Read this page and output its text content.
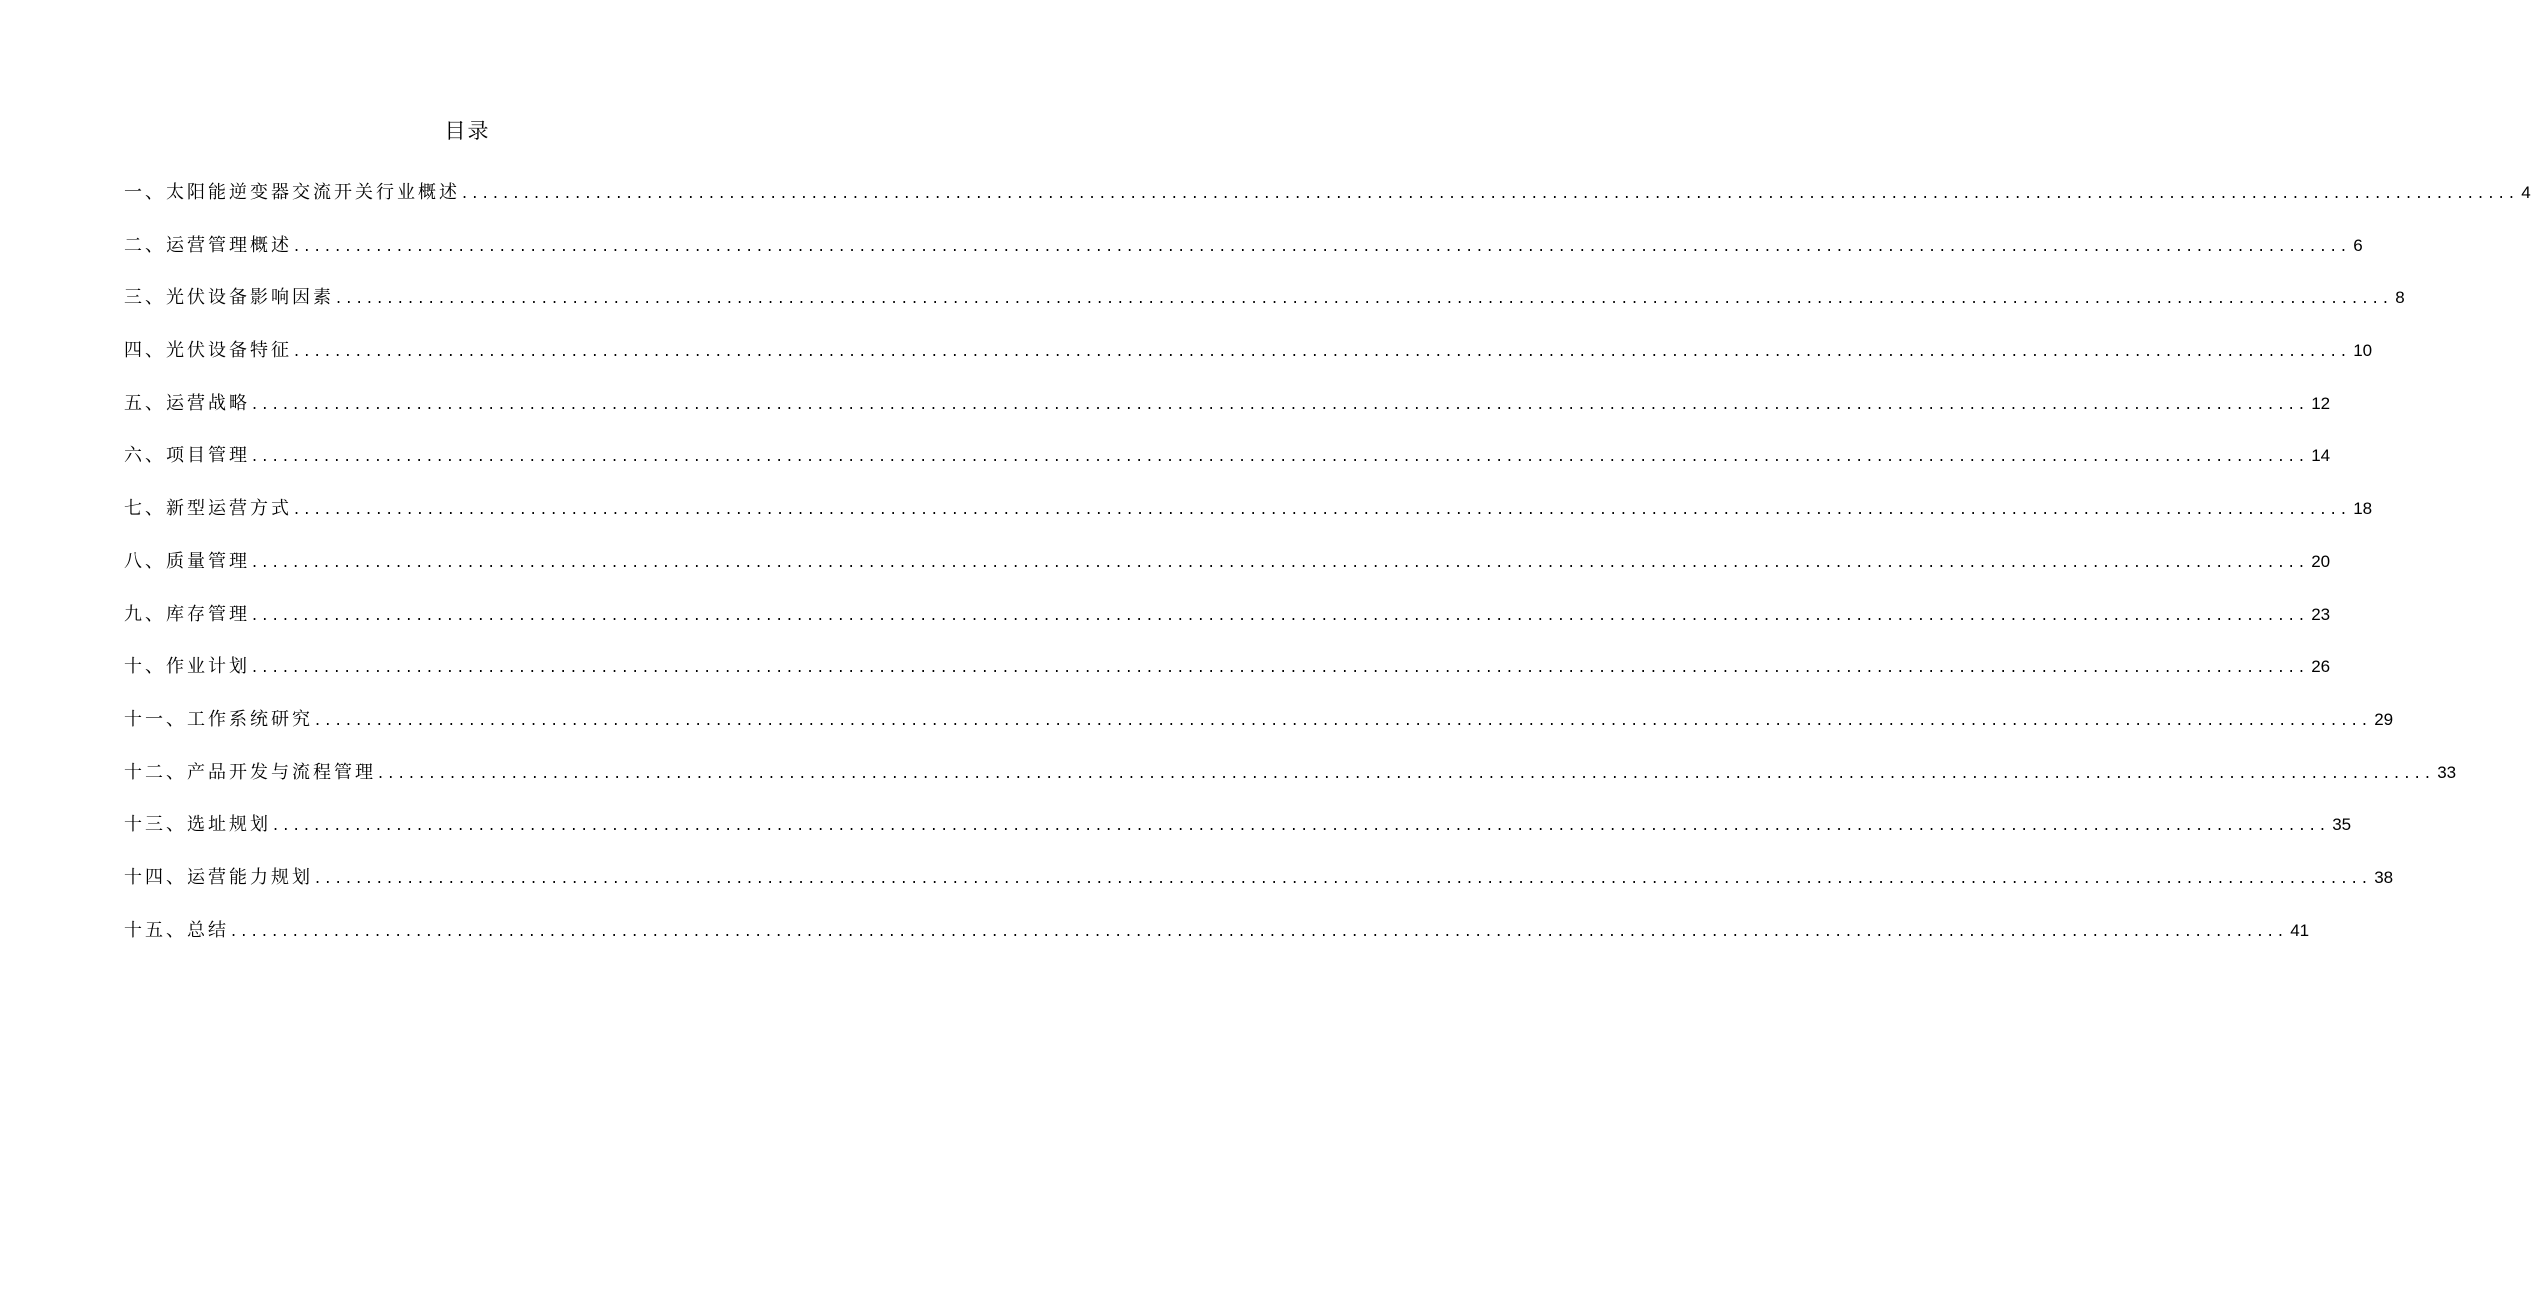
目录
一、太阳能逆变器交流开关行业概述 ........................................................................................................................................................................................................ 4
二、运营管理概述 ........................................................................................................................................................................................................ 6
三、光伏设备影响因素 ........................................................................................................................................................................................................ 8
四、光伏设备特征 ........................................................................................................................................................................................................ 10
五、运营战略 ........................................................................................................................................................................................................ 12
六、项目管理 ........................................................................................................................................................................................................ 14
七、新型运营方式 ........................................................................................................................................................................................................ 18
八、质量管理 ........................................................................................................................................................................................................ 20
九、库存管理 ........................................................................................................................................................................................................ 23
十、作业计划 ........................................................................................................................................................................................................ 26
十一、工作系统研究 ........................................................................................................................................................................................................ 29
十二、产品开发与流程管理 ........................................................................................................................................................................................................ 33
十三、选址规划 ........................................................................................................................................................................................................ 35
十四、运营能力规划 ........................................................................................................................................................................................................ 38
十五、总结 ........................................................................................................................................................................................................ 41
